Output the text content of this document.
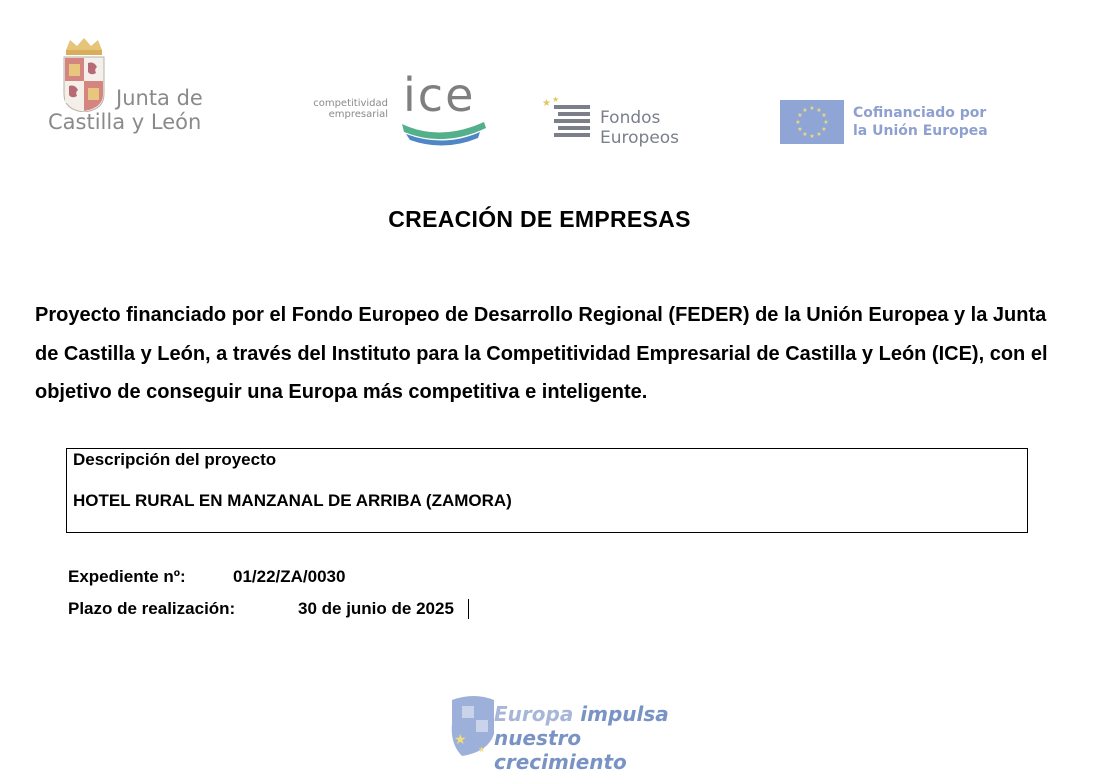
Junta de
Castilla y León
competitividad
empresarial ice	★ ★
Fondos Europeos
★ ★
★
★
★
★
★
★
★
★
★
★	Cofinanciado por
la Unión Europea
CREACIÓN DE EMPRESAS
Proyecto financiado por el Fondo Europeo de Desarrollo Regional (FEDER) de la Unión Europea y la Junta de Castilla y León, a través del Instituto para la Competitividad Empresarial de Castilla y León (ICE), con el objetivo de conseguir una Europa más competitiva e inteligente.
Descripción del proyecto
HOTEL RURAL EN MANZANAL DE ARRIBA (ZAMORA)
Expediente nº:	01/22/ZA/0030
Plazo de realización:	30 de junio de 2025
★
★
Europa impulsa
nuestro crecimiento
